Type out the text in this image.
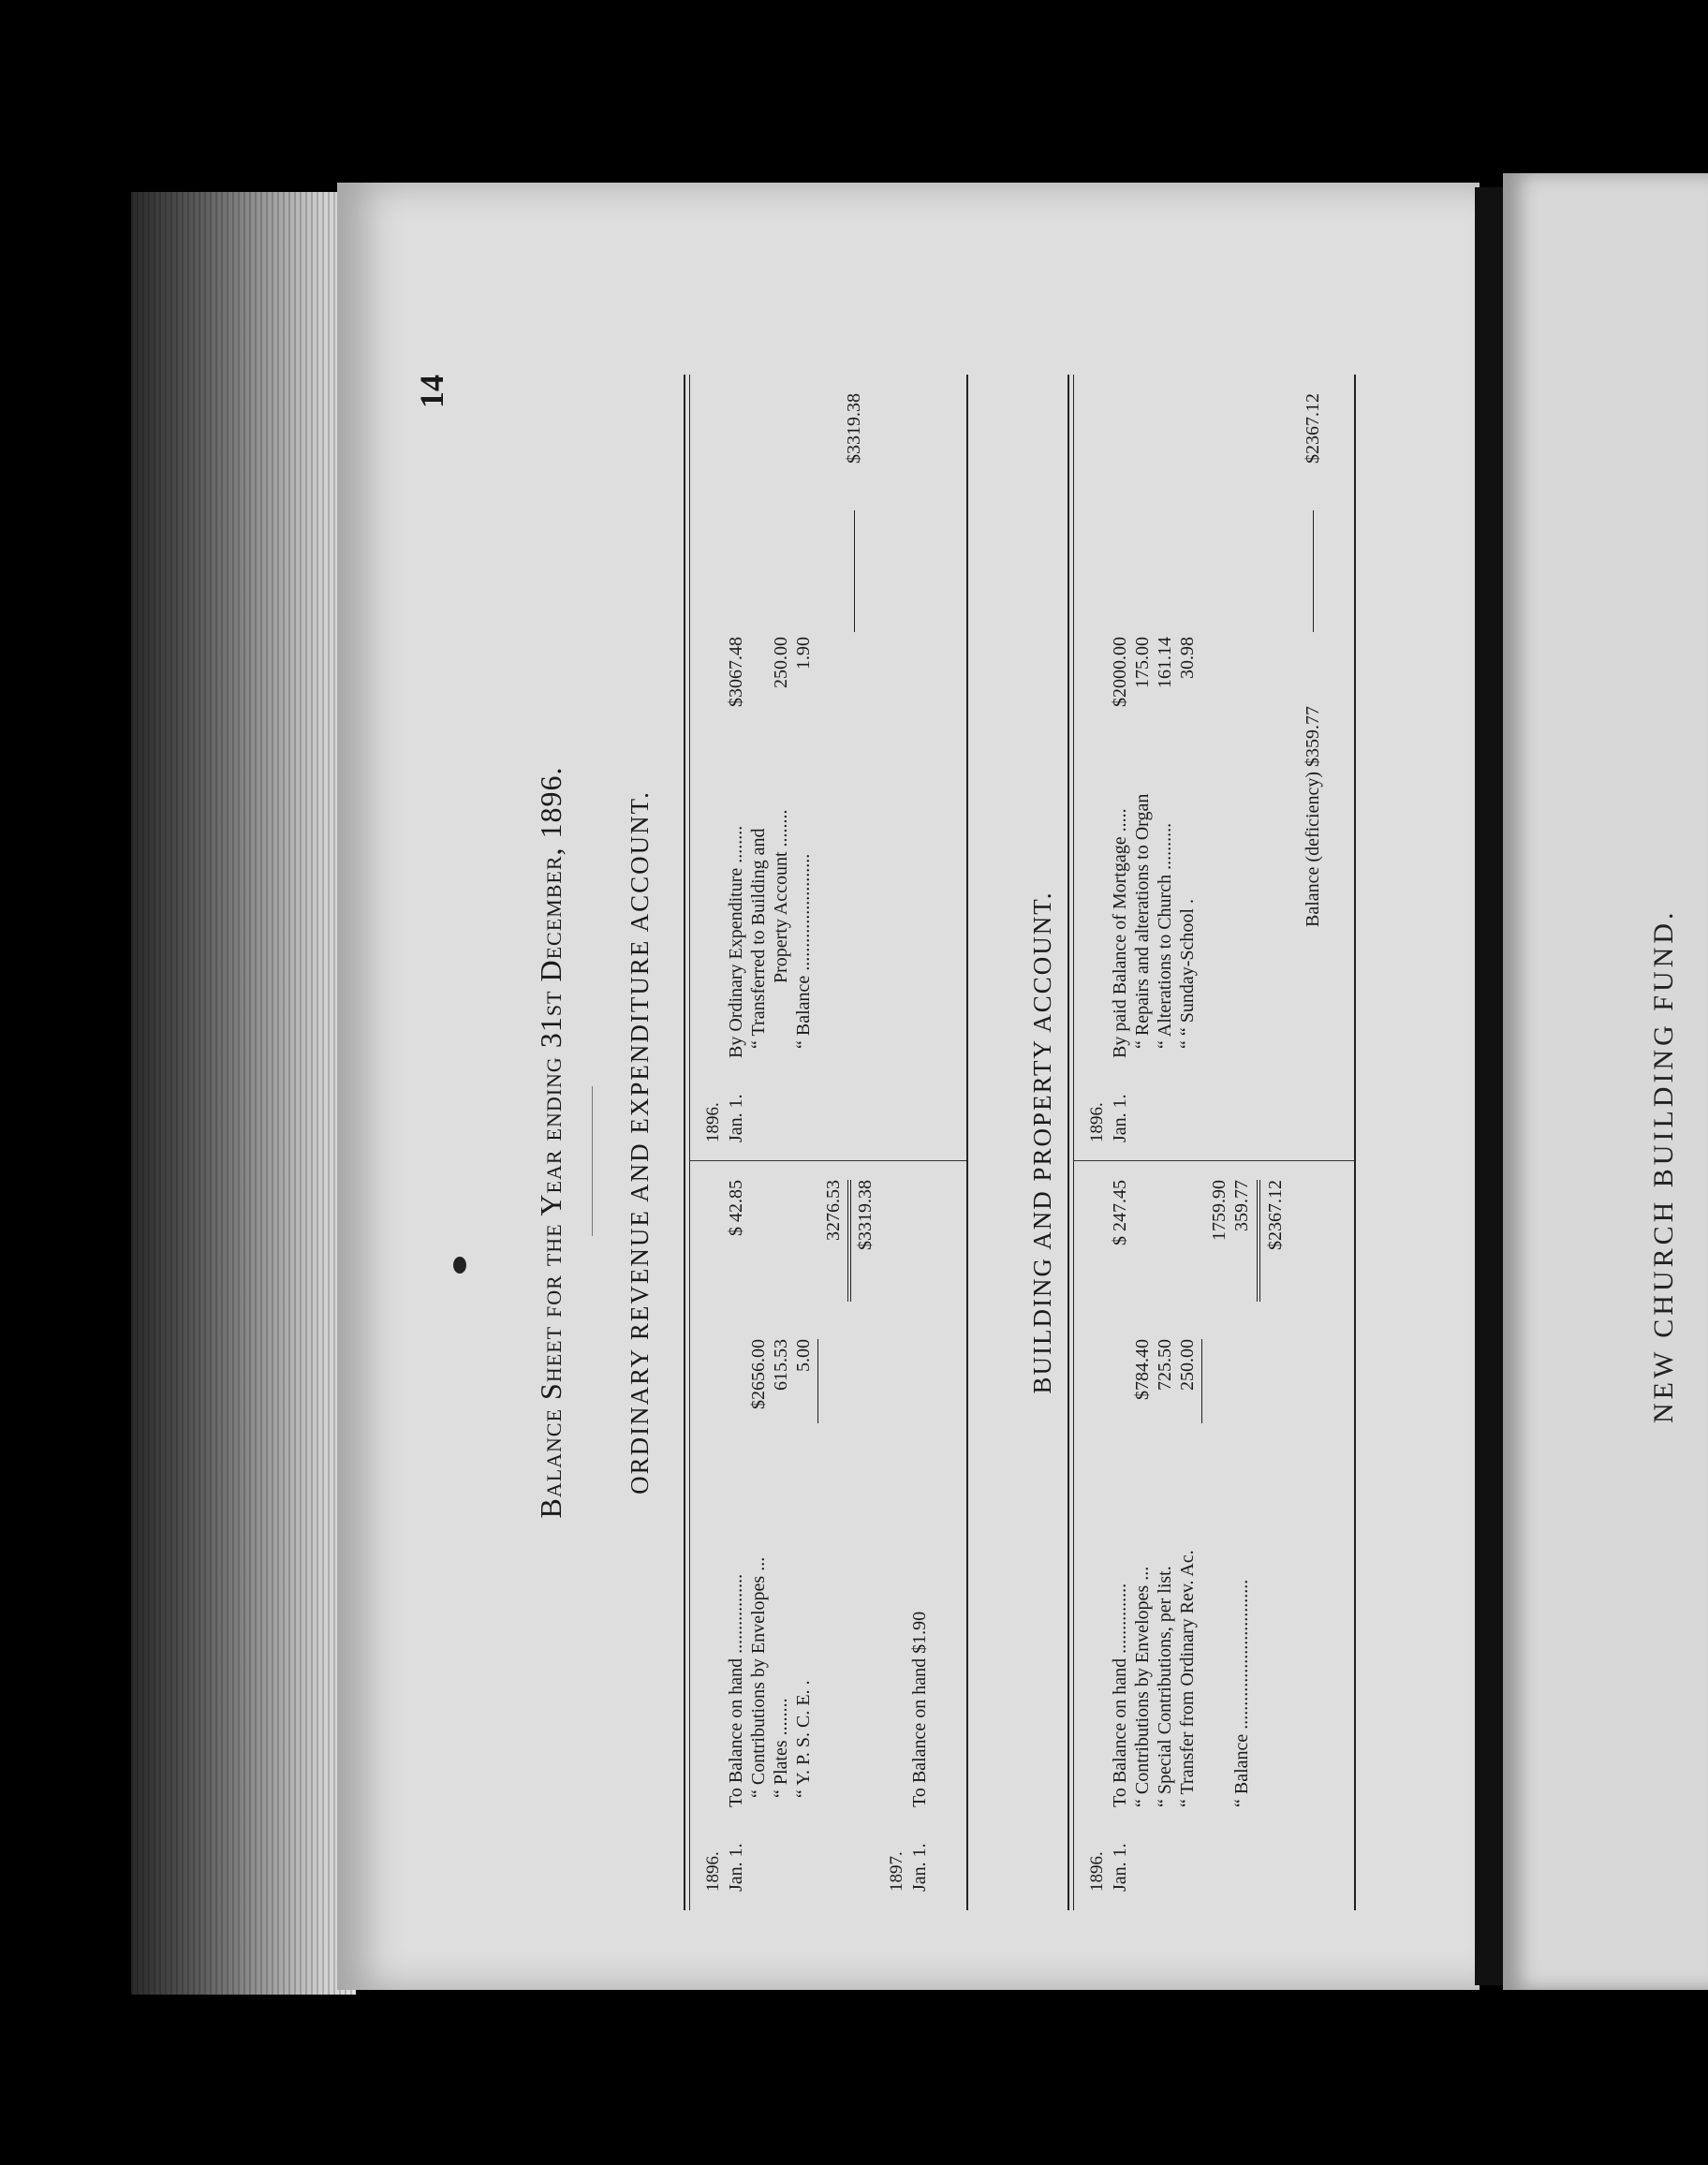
NEW CHURCH BUILDING FUND.
14
Balance Sheet for the Year ending 31st December, 1896. ORDINARY REVENUE AND EXPENDITURE ACCOUNT.
1896. Jan. 1.
To Balance on hand ................. “ Contributions by Envelopes ... “ Plates ........ “ Y. P. S. C. E. .
$2656.00 615.53 5.00
$ 42.85	3276.53 $3319.38
1897. Jan. 1.
To Balance on hand $1.90
1896. Jan. 1.
By Ordinary Expenditure ........ “ Transferred to Building and Property Account ........ “ Balance .........................
$3067.48 250.00 1.90
$3319.38
BUILDING AND PROPERTY ACCOUNT.
1896. Jan. 1.
To Balance on hand ............... “ Contributions by Envelopes ... “ Special Contributions, per list. “ Transfer from Ordinary Rev. Ac.
$784.40 725.50 250.00
$ 247.45	1759.90
“ Balance ................................
359.77 $2367.12
1896. Jan. 1.
By paid Balance of Mortgage ..... “ Repairs and alterations to Organ “ Alterations to Church .......... “ “ Sunday-School .
$2000.00 175.00 161.14 30.98
Balance (deficiency) $359.77
$2367.12
